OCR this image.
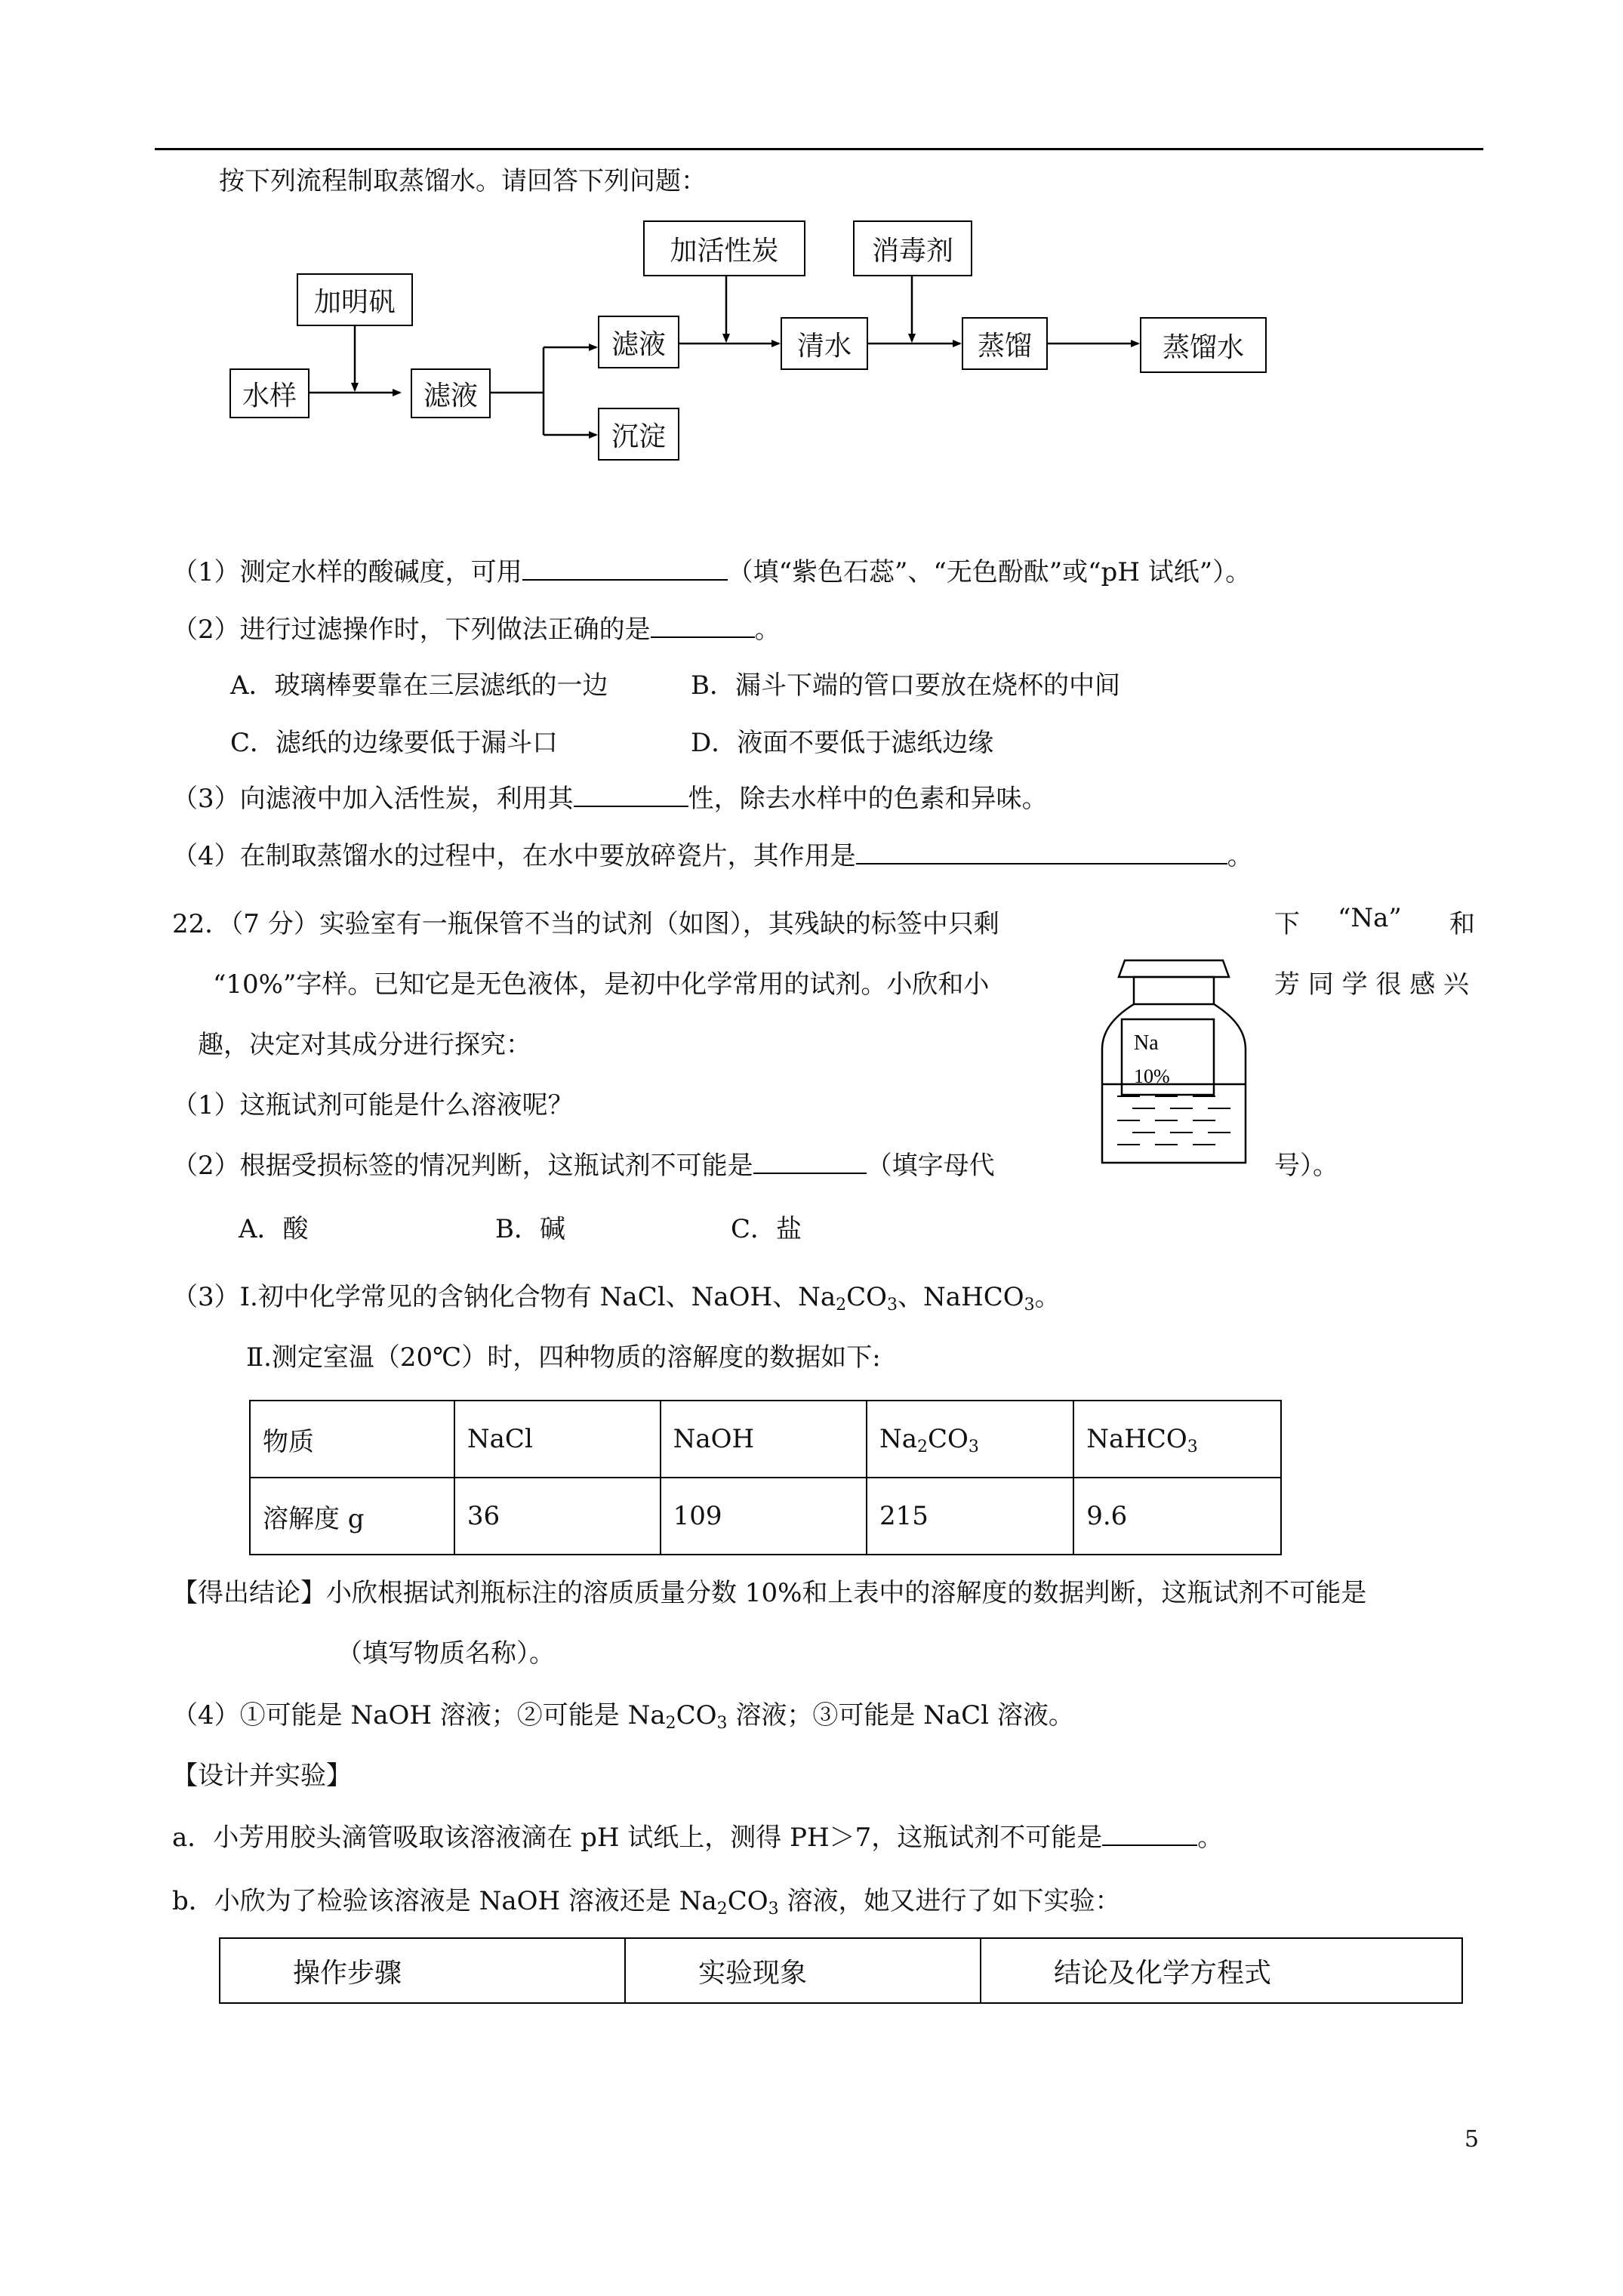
按下列流程制取蒸馏水。请回答下列问题：
水样
加明矾
滤液
滤液
沉淀
加活性炭
清水
消毒剂
蒸馏	蒸馏水
（1）测定水样的酸碱度，可用	（填“紫色石蕊”、“无色酚酞”或“pH 试纸”）。
（2）进行过滤操作时，下列做法正确的是	。
A．玻璃棒要靠在三层滤纸的一边	B．漏斗下端的管口要放在烧杯的中间
C．滤纸的边缘要低于漏斗口	D．液面不要低于滤纸边缘
（3）向滤液中加入活性炭，利用其	性，除去水样中的色素和异味。
（4）在制取蒸馏水的过程中，在水中要放碎瓷片，其作用是	。
22．（7 分）实验室有一瓶保管不当的试剂（如图），其残缺的标签中只剩	下 “Na” 和
“10%”字样。已知它是无色液体，是初中化学常用的试剂。小欣和小	芳 同 学 很 感 兴
趣，决定对其成分进行探究：
（1）这瓶试剂可能是什么溶液呢？
（2）根据受损标签的情况判断，这瓶试剂不可能是	（填字母代	号）。
A．酸	B．碱	C．盐
Na
10%
（3）Ⅰ.初中化学常见的含钠化合物有 NaCl、NaOH、$Na_2CO_3$、NaHCO$_3$。
Ⅱ.测定室温（20℃）时，四种物质的溶解度的数据如下:
物质	NaCl	NaOH	$Na_2CO_3$	NaHCO$_3$
溶解度 g	36	109	215	9.6
【得出结论】小欣根据试剂瓶标注的溶质质量分数 10%和上表中的溶解度的数据判断，这瓶试剂不可能是
（填写物质名称）。
（4）①可能是 NaOH 溶液；②可能是 $Na_2CO_3$ 溶液；③可能是 NaCl 溶液。
【设计并实验】
a．小芳用胶头滴管吸取该溶液滴在 pH 试纸上，测得 PH＞7，这瓶试剂不可能是	。
b．小欣为了检验该溶液是 NaOH 溶液还是 $Na_2CO_3$ 溶液，她又进行了如下实验：
操作步骤	实验现象	结论及化学方程式
5
